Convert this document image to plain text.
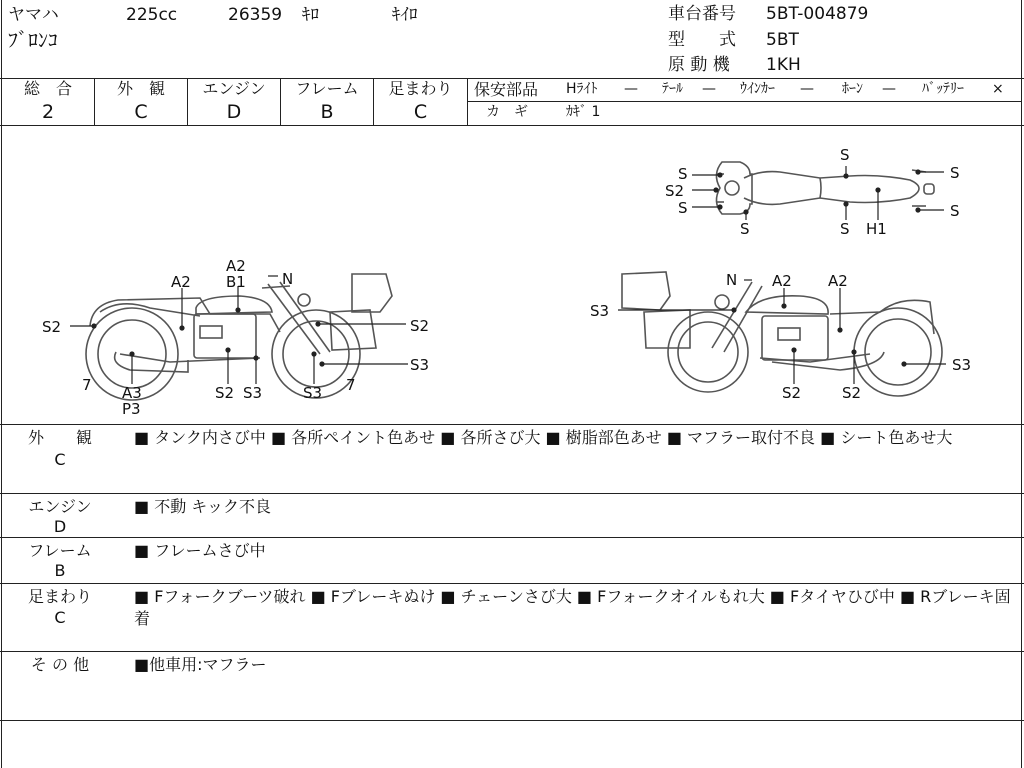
ヤマハ	225cc	26359 ｷﾛ	ｷｲﾛ
ﾌﾞﾛﾝｺ
車台番号 5BT-004879
型　　式 5BT
原 動 機 1KH
総　合
2
外　観
C
エンジン
D
フレーム
B
足まわり
C
保安部品 Hﾗｲﾄ — ﾃｰﾙ — ｳｲﾝｶｰ — ﾎｰﾝ — ﾊﾞｯﾃﾘｰ ×
カ　ギ	ｶｷﾞ 1
S
S2
S
S
S
S H1
S
S
A2 B1 N
A2
S2	S2
S3
7 A3
P3
S2 S3	S3 7
N A2 A2
S3
S3
S2	S2
外　　観
C
■ タンク内さび中 ■ 各所ペイント色あせ ■ 各所さび大 ■ 樹脂部色あせ ■ マフラー取付不良 ■ シート色あせ大
エンジン
D
■ 不動 キック不良
フレーム
B
■ フレームさび中
足まわり
C
■ Fフォークブーツ破れ ■ Fブレーキぬけ ■ チェーンさび大 ■ Fフォークオイルもれ大 ■ Fタイヤひび中 ■ Rブレーキ固着
そ の 他	■他車用:マフラー
